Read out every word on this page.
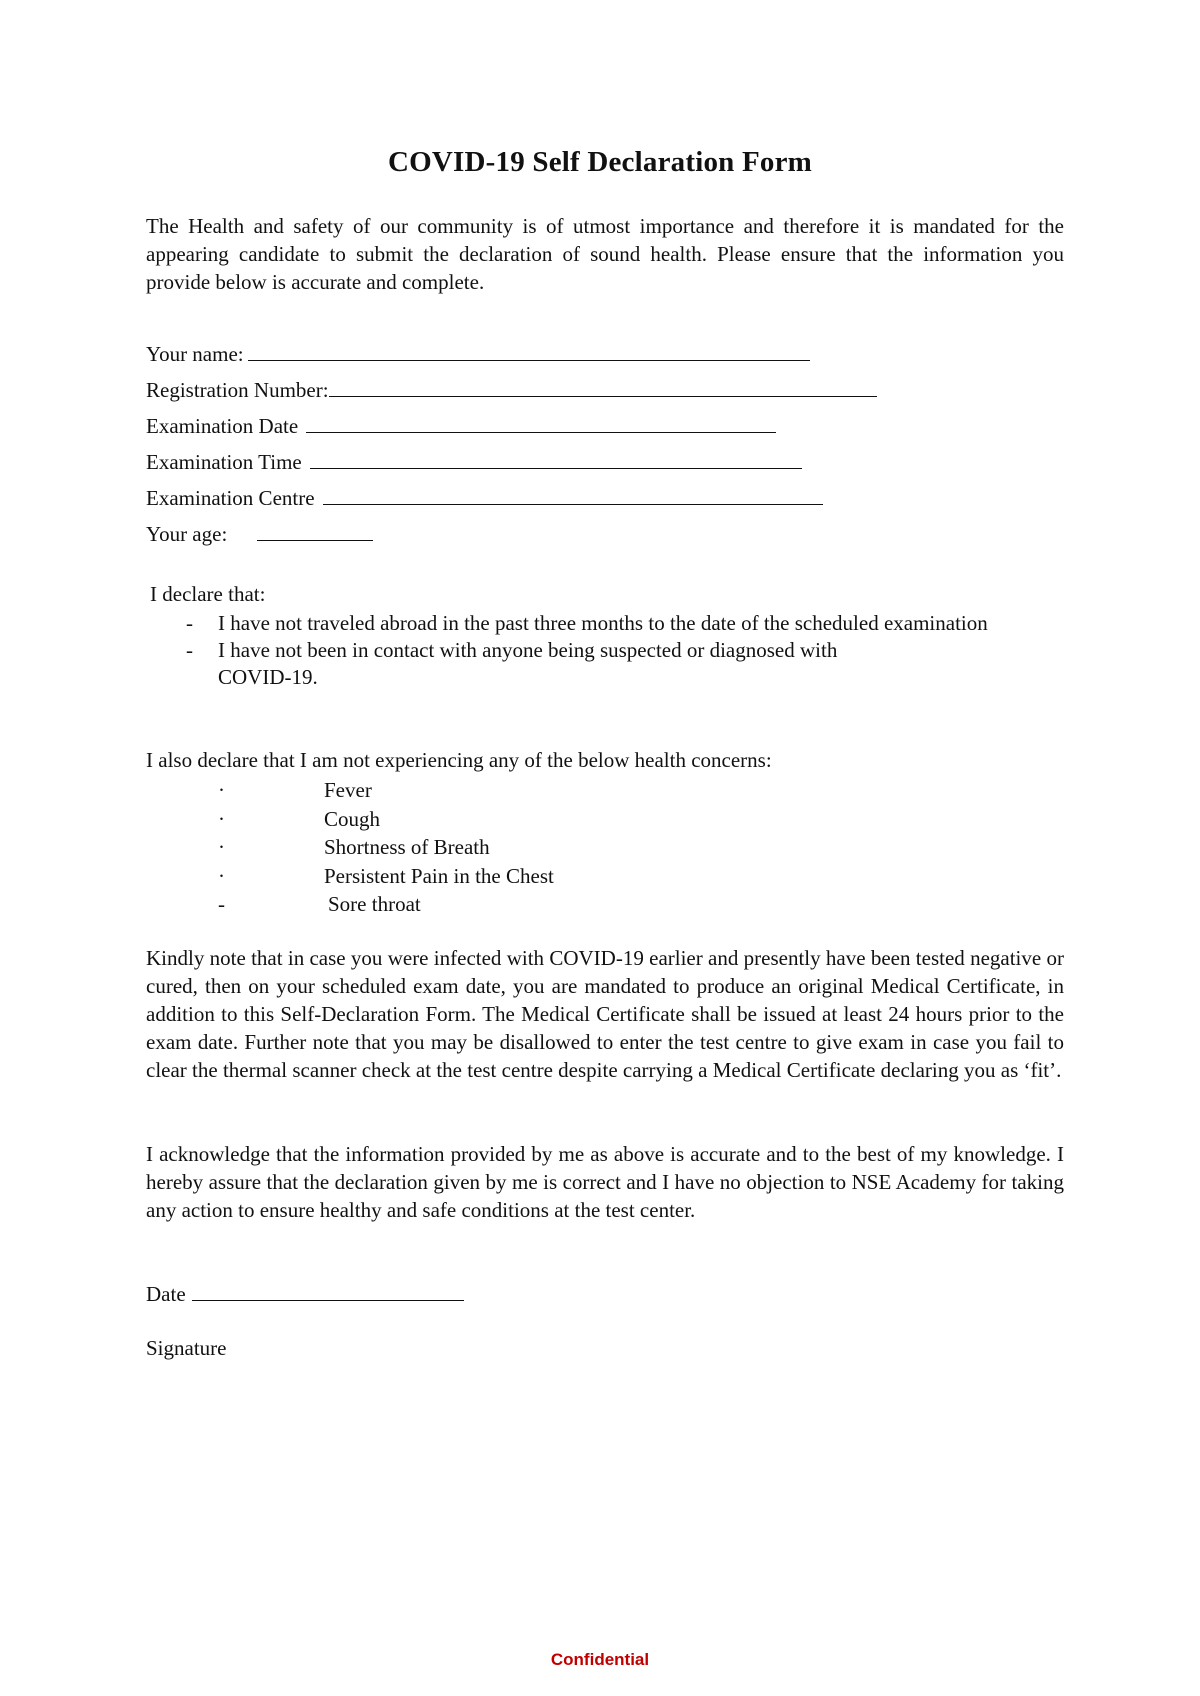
COVID-19 Self Declaration Form
The Health and safety of our community is of utmost importance and therefore it is mandated for the appearing candidate to submit the declaration of sound health. Please ensure that the information you provide below is accurate and complete.
Your name:
Registration Number:
Examination Date
Examination Time
Examination Centre
Your age:
I declare that:
- I have not traveled abroad in the past three months to the date of the scheduled examination
- I have not been in contact with anyone being suspected or diagnosed with COVID-19.
I also declare that I am not experiencing any of the below health concerns:
·	Fever
·	Cough
·	Shortness of Breath
·	Persistent Pain in the Chest
-	Sore throat
Kindly note that in case you were infected with COVID-19 earlier and presently have been tested negative or cured, then on your scheduled exam date, you are mandated to produce an original Medical Certificate, in addition to this Self-Declaration Form. The Medical Certificate shall be issued at least 24 hours prior to the exam date. Further note that you may be disallowed to enter the test centre to give exam in case you fail to clear the thermal scanner check at the test centre despite carrying a Medical Certificate declaring you as ‘fit’.
I acknowledge that the information provided by me as above is accurate and to the best of my knowledge. I hereby assure that the declaration given by me is correct and I have no objection to NSE Academy for taking any action to ensure healthy and safe conditions at the test center.
Date
Signature
Confidential
